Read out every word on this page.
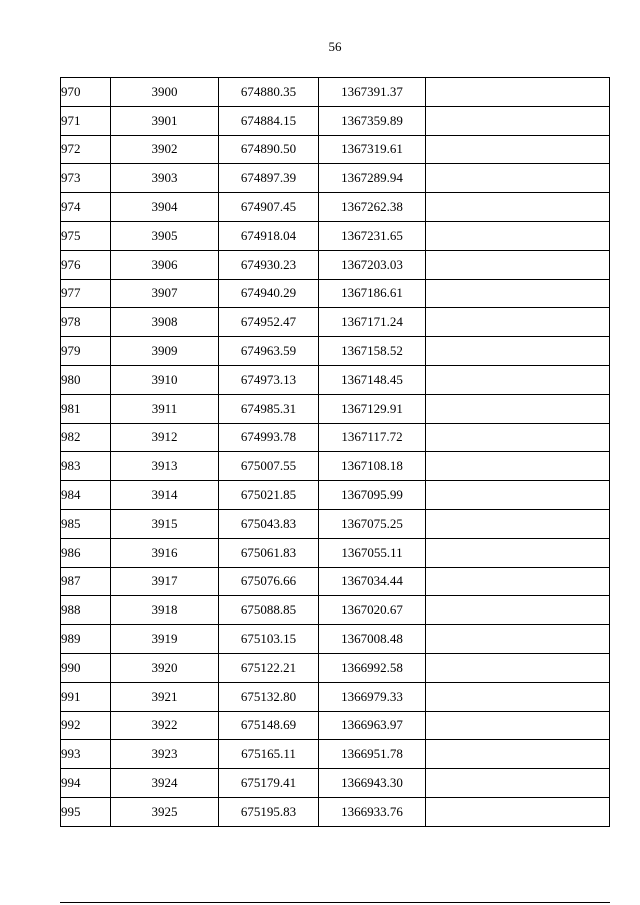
56
970	3900	674880.35	1367391.37	
971	3901	674884.15	1367359.89	
972	3902	674890.50	1367319.61	
973	3903	674897.39	1367289.94	
974	3904	674907.45	1367262.38	
975	3905	674918.04	1367231.65	
976	3906	674930.23	1367203.03	
977	3907	674940.29	1367186.61	
978	3908	674952.47	1367171.24	
979	3909	674963.59	1367158.52	
980	3910	674973.13	1367148.45	
981	3911	674985.31	1367129.91	
982	3912	674993.78	1367117.72	
983	3913	675007.55	1367108.18	
984	3914	675021.85	1367095.99	
985	3915	675043.83	1367075.25	
986	3916	675061.83	1367055.11	
987	3917	675076.66	1367034.44	
988	3918	675088.85	1367020.67	
989	3919	675103.15	1367008.48	
990	3920	675122.21	1366992.58	
991	3921	675132.80	1366979.33	
992	3922	675148.69	1366963.97	
993	3923	675165.11	1366951.78	
994	3924	675179.41	1366943.30	
995	3925	675195.83	1366933.76	
